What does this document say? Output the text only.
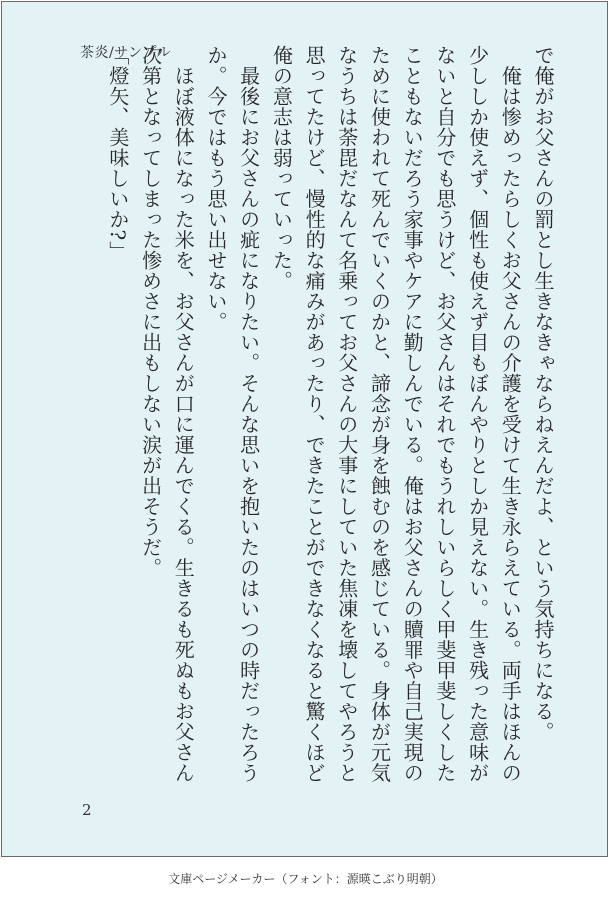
茶炎/サンプル	で俺がお父さんの罰とし生きなきゃならねえんだよ、という気持ちになる。

　俺は惨めったらしくお父さんの介護を受けて生き永らえている。両手はほんの少ししか使えず、個性も使えず目もぼんやりとしか見えない。生き残った意味がないと自分でも思うけど、お父さんはそれでもうれしいらしく甲斐甲斐しくしたこともないだろう家事やケアに勤しんでいる。俺はお父さんの贖罪や自己実現のために使われて死んでいくのかと、諦念が身を蝕むのを感じている。身体が元気なうちは荼毘だなんて名乗ってお父さんの大事にしていた焦凍を壊してやろうと思ってたけど、慢性的な痛みがあったり、できたことができなくなると驚くほど俺の意志は弱っていった。

　最後にお父さんの疵になりたい。そんな思いを抱いたのはいつの時だったろうか。今ではもう思い出せない。

　ほぼ液体になった米を、お父さんが口に運んでくる。生きるも死ぬもお父さん次第となってしまった惨めさに出もしない涙が出そうだ。

「燈矢、美味しいか?」

2
文庫ページメーカー（フォント：源暎こぶり明朝）
